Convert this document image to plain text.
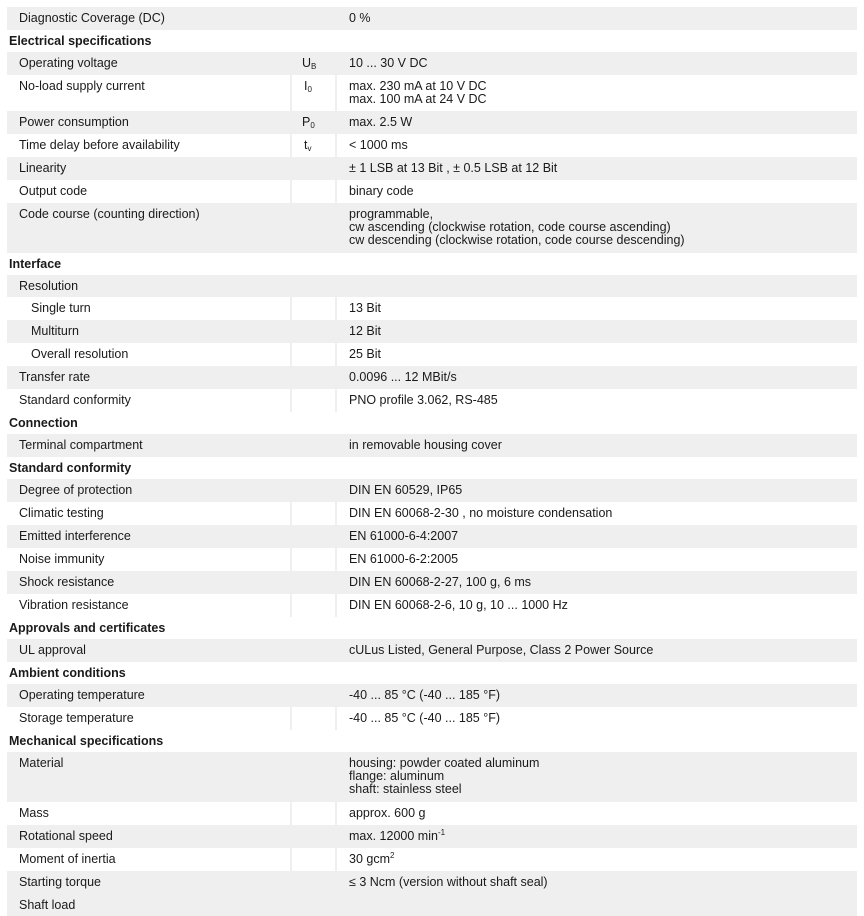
Diagnostic Coverage (DC)	0 %
Electrical specifications
Operating voltage	$U_B$	10 ... 30 V DC
No-load supply current	$I_0$	max. 230 mA at 10 V DC
max. 100 mA at 24 V DC
Power consumption	$P_0$	max. 2.5 W
Time delay before availability	$t_v$	< 1000 ms
Linearity	± 1 LSB at 13 Bit , ± 0.5 LSB at 12 Bit
Output code	binary code
Code course (counting direction)	programmable,
cw ascending (clockwise rotation, code course ascending)
cw descending (clockwise rotation, code course descending)
Interface
Resolution
Single turn	13 Bit
Multiturn	12 Bit
Overall resolution	25 Bit
Transfer rate	0.0096 ... 12 MBit/s
Standard conformity	PNO profile 3.062, RS-485
Connection
Terminal compartment	in removable housing cover
Standard conformity
Degree of protection	DIN EN 60529, IP65
Climatic testing	DIN EN 60068-2-30 , no moisture condensation
Emitted interference	EN 61000-6-4:2007
Noise immunity	EN 61000-6-2:2005
Shock resistance	DIN EN 60068-2-27, 100 g, 6 ms
Vibration resistance	DIN EN 60068-2-6, 10 g, 10 ... 1000 Hz
Approvals and certificates
UL approval	cULus Listed, General Purpose, Class 2 Power Source
Ambient conditions
Operating temperature	-40 ... 85 °C (-40 ... 185 °F)
Storage temperature	-40 ... 85 °C (-40 ... 185 °F)
Mechanical specifications
Material	housing: powder coated aluminum
flange: aluminum
shaft: stainless steel
Mass	approx. 600 g
Rotational speed	max. 12000 $\min^{-1}$
Moment of inertia	30 gcm$^2$
Starting torque	≤ 3 Ncm (version without shaft seal)
Shaft load
